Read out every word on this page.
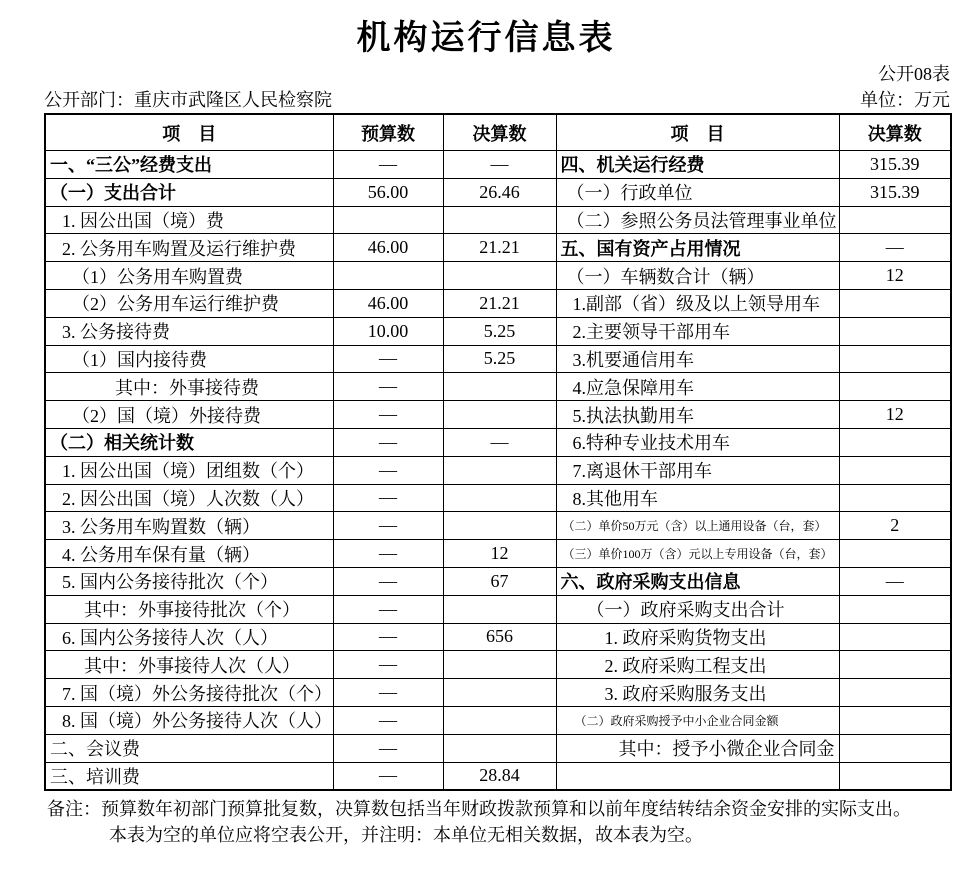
机构运行信息表
公开08表
公开部门：重庆市武隆区人民检察院	单位：万元
项　目	预算数	决算数	项　目	决算数
一、“三公”经费支出	—	—	四、机关运行经费	315.39
（一）支出合计	56.00	26.46	（一）行政单位	315.39
1. 因公出国（境）费			（二）参照公务员法管理事业单位	
2. 公务用车购置及运行维护费	46.00	21.21	五、国有资产占用情况	—
（1）公务用车购置费			（一）车辆数合计（辆）	12
（2）公务用车运行维护费	46.00	21.21	1.副部（省）级及以上领导用车	
3. 公务接待费	10.00	5.25	2.主要领导干部用车	
（1）国内接待费	—	5.25	3.机要通信用车	
其中：外事接待费	—		4.应急保障用车	
（2）国（境）外接待费	—		5.执法执勤用车	12
（二）相关统计数	—	—	6.特种专业技术用车	
1. 因公出国（境）团组数（个）	—		7.离退休干部用车	
2. 因公出国（境）人次数（人）	—		8.其他用车	
3. 公务用车购置数（辆）	—		（二）单价50万元（含）以上通用设备（台，套）	2
4. 公务用车保有量（辆）	—	12	（三）单价100万（含）元以上专用设备（台，套）	
5. 国内公务接待批次（个）	—	67	六、政府采购支出信息	—
其中：外事接待批次（个）	—		（一）政府采购支出合计	
6. 国内公务接待人次（人）	—	656	1. 政府采购货物支出	
其中：外事接待人次（人）	—		2. 政府采购工程支出	
7. 国（境）外公务接待批次（个）	—		3. 政府采购服务支出	
8. 国（境）外公务接待人次（人）	—		（二）政府采购授予中小企业合同金额	
二、会议费	—		其中：授予小微企业合同金	
三、培训费	—	28.84		
备注：预算数年初部门预算批复数，决算数包括当年财政拨款预算和以前年度结转结余资金安排的实际支出。
本表为空的单位应将空表公开，并注明：本单位无相关数据，故本表为空。
